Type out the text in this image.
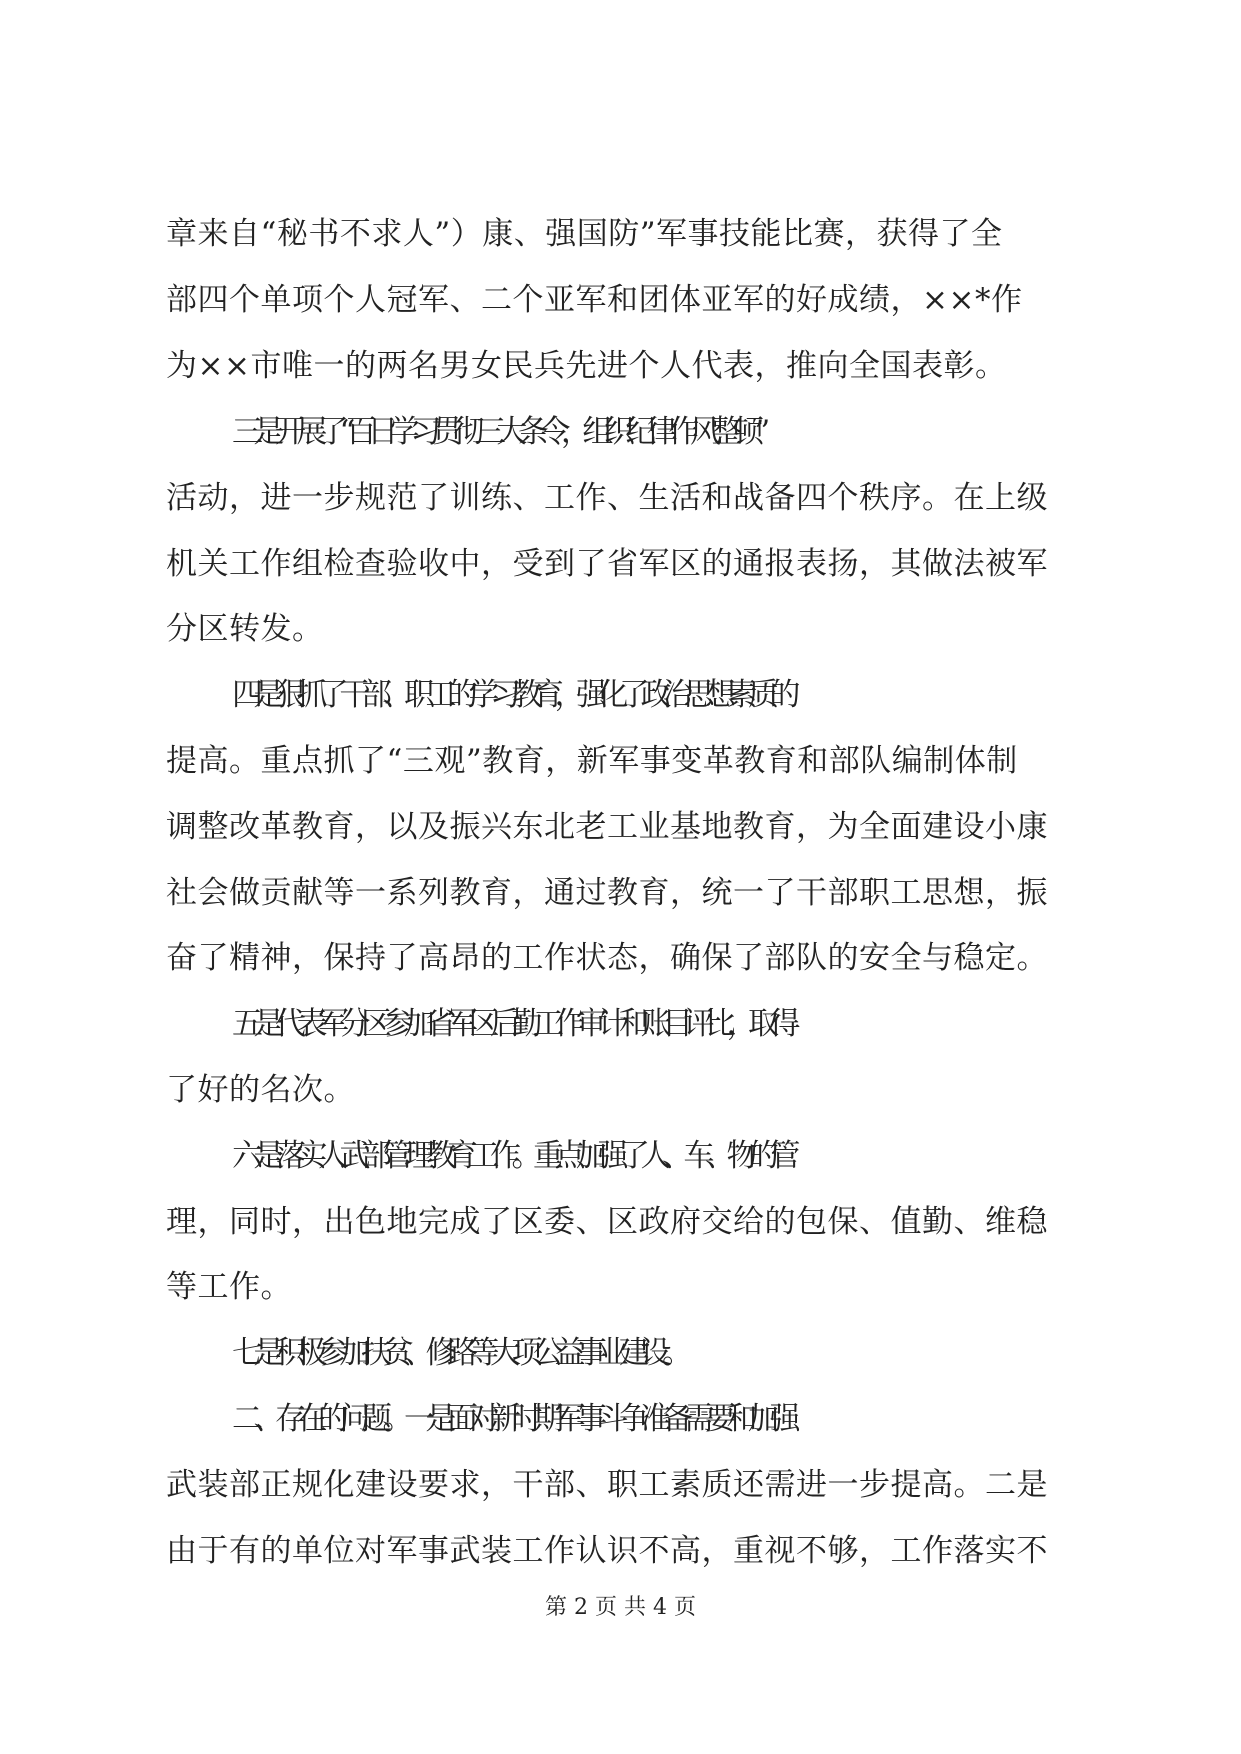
章来自“秘书不求人”）康、强国防”军事技能比赛，获得了全
部四个单项个人冠军、二个亚军和团体亚军的好成绩，××*作
为××市唯一的两名男女民兵先进个人代表，推向全国表彰。
三是开展了“百日学习贯彻三大条令，组织纪律作风整顿”
活动，进一步规范了训练、工作、生活和战备四个秩序。在上级
机关工作组检查验收中，受到了省军区的通报表扬，其做法被军
分区转发。
四是狠抓了干部、职工的学习教育，强化了政治思想素质的
提高。重点抓了“三观”教育，新军事变革教育和部队编制体制
调整改革教育，以及振兴东北老工业基地教育，为全面建设小康
社会做贡献等一系列教育，通过教育，统一了干部职工思想，振
奋了精神，保持了高昂的工作状态，确保了部队的安全与稳定。
五是代表军分区参加省军区后勤工作审计和账目评比，取得
了好的名次。
六是落实人武部管理教育工作。重点加强了人、车、物的管
理，同时，出色地完成了区委、区政府交给的包保、值勤、维稳
等工作。
七是积极参加扶贫、修路等大项公益事业建设。
二、存在的问题。一是面对新时期军事斗争准备需要和加强
武装部正规化建设要求，干部、职工素质还需进一步提高。二是
由于有的单位对军事武装工作认识不高，重视不够，工作落实不
第 2 页 共 4 页
